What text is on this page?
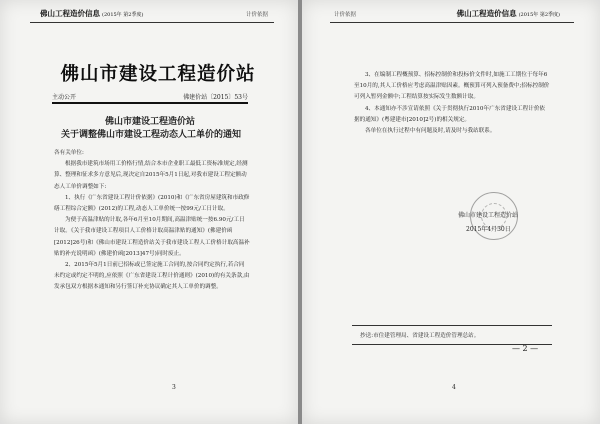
佛山工程造价信息 (2015年 第2季度)	计价依据
佛山市建设工程造价站
主动公开	佛建价站〔2015〕53号
佛山市建设工程造价站
关于调整佛山市建设工程动态人工单价的通知

各有关单位:

根据我市建筑市场用工价格行情,结合本市企业职工最低工资标准规定,经测算、整理和征求多方意见后,现决定自2015年5月1日起,对我市建设工程定额动态人工单价调整如下:

1、执行《广东省建设工程计价依据》(2010)和《广东省房屋建筑和市政修缮工程综合定额》(2012)的工程,动态人工单价统一按99元/工日计取。

为便于高温津贴的计取,各年6月至10月期间,高温津贴统一按6.90元/工日计取。《关于我市建设工程项目人工价格计取高温津贴的通知》(佛建价函[2012]26号)和《佛山市建设工程造价站关于我市建设工程人工价格计取高温补贴的补充说明函》(佛建价函[2013]47号)同时废止。

2、2015年5月1日前已招标或已签定施工合同的,按合同约定执行,若合同未约定或约定不明的,应依照《广东省建设工程计价通则》(2010)的有关条款,由发承包双方根据本通知和另行签订补充协议确定其人工单价的调整。

3
计价依据	佛山工程造价信息 (2015年 第2季度)

3、在编制工程概预算、招标控制价和投标价文件时,如施工工期位于每年6至10月的,其人工价格应考虑高温津贴因素。概预算可列入预备费中;招标控制价可列入暂列金额中;工程结算按实际发生数额计取。

4、本通知亦不涉宣请依照《关于贯彻执行2010年广东省建设工程计价依据的通知》(粤建建市[2010]2号)的相关规定。

各单位在执行过程中有问题及时,请及时与我站联系。

佛山市建设工程造价站
2015年4月30日
抄送:市住建管理局、省建设工程造价管理总站。
— 2 —
4
